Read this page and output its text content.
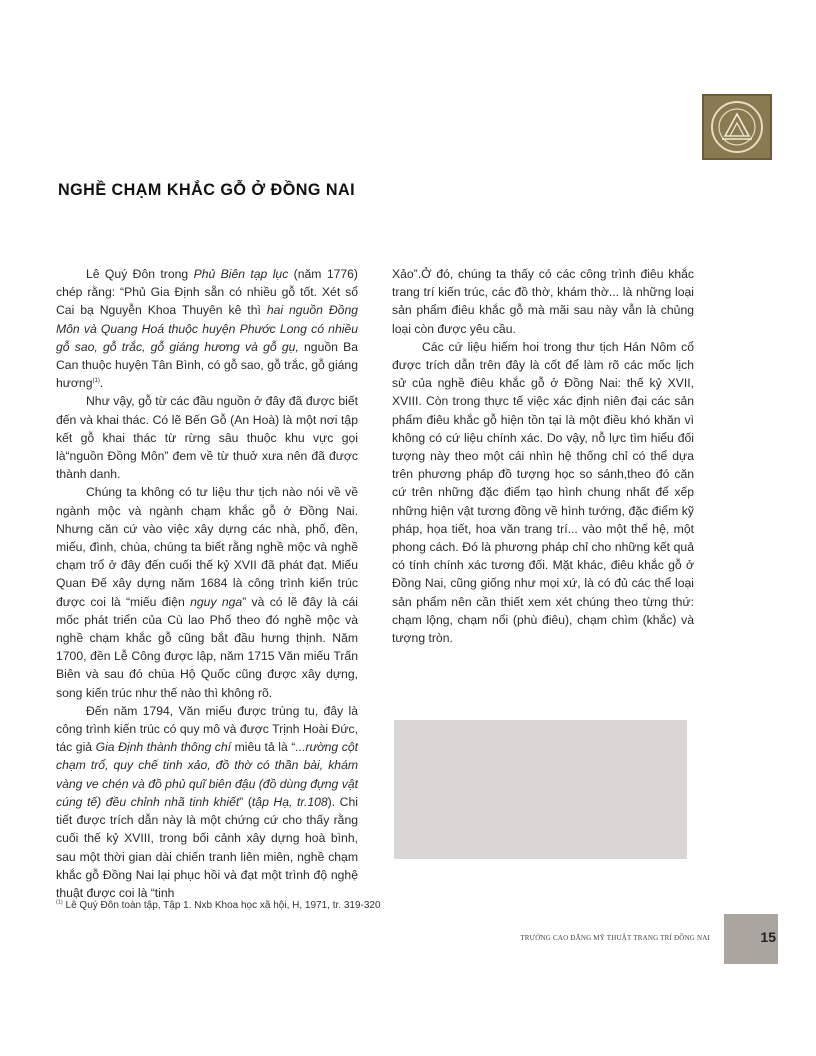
NGHỀ CHẠM KHẮC GỖ Ở ĐỒNG NAI

Lê Quý Đôn trong Phủ Biên tạp lục (năm 1776) chép rằng: “Phủ Gia Định sẵn có nhiều gỗ tốt. Xét sổ Cai bạ Nguyễn Khoa Thuyên kê thì hai nguồn Đồng Môn và Quang Hoá thuộc huyện Phước Long có nhiều gỗ sao, gỗ trắc, gỗ giáng hương và gỗ gụ, nguồn Ba Can thuộc huyện Tân Bình, có gỗ sao, gỗ trắc, gỗ giáng hương$^{(1)}$.

Như vậy, gỗ từ các đầu nguồn ở đây đã được biết đến và khai thác. Có lẽ Bến Gỗ (An Hoà) là một nơi tập kết gỗ khai thác từ rừng sâu thuộc khu vực gọi là“nguồn Đồng Môn” đem về từ thuở xưa nên đã được thành danh.

Chúng ta không có tư liệu thư tịch nào nói về về ngành mộc và ngành chạm khắc gỗ ở Đồng Nai. Nhưng căn cứ vào việc xây dựng các nhà, phố, đền, miếu, đình, chùa, chúng ta biết rằng nghề mộc và nghề chạm trổ ở đây đến cuối thế kỷ XVII đã phát đạt. Miếu Quan Đế xây dựng năm 1684 là công trình kiến trúc được coi là “miếu điện nguy nga” và có lẽ đây là cái mốc phát triển của Cù lao Phố theo đó nghề mộc và nghề chạm khắc gỗ cũng bắt đầu hưng thịnh. Năm 1700, đền Lễ Công được lập, năm 1715 Văn miếu Trấn Biên và sau đó chùa Hộ Quốc cũng được xây dựng, song kiến trúc như thế nào thì không rõ.

Đến năm 1794, Văn miếu được trùng tu, đây là công trình kiến trúc có quy mô và được Trịnh Hoài Đức, tác giả Gia Định thành thông chí miêu tả là “...rường cột chạm trổ, quy chế tinh xảo, đồ thờ có thần bài, khám vàng ve chén và đồ phủ quĩ biên đậu (đồ dùng đựng vật cúng tế) đều chỉnh nhã tinh khiết” (tập Hạ, tr.108). Chi tiết được trích dẫn này là một chứng cứ cho thấy rằng cuối thế kỷ XVIII, trong bối cảnh xây dựng hoà bình, sau một thời gian dài chiến tranh liên miên, nghề chạm khắc gỗ Đồng Nai lại phục hồi và đạt một trình độ nghệ thuật được coi là “tinh

Xảo”.Ở đó, chúng ta thấy có các công trình điêu khắc trang trí kiến trúc, các đồ thờ, khám thờ... là những loại sản phẩm điêu khắc gỗ mà mãi sau này vẫn là chủng loại còn được yêu cầu.

Các cứ liệu hiếm hoi trong thư tịch Hán Nôm cổ được trích dẫn trên đây là cốt để làm rõ các mốc lịch sử của nghề điêu khắc gỗ ở Đồng Nai: thế kỷ XVII, XVIII. Còn trong thực tế việc xác định niên đại các sản phẩm điêu khắc gỗ hiện tồn tại là một điều khó khăn vì không có cứ liệu chính xác. Do vậy, nỗ lực tìm hiểu đối tượng này theo một cái nhìn hệ thống chỉ có thể dựa trên phương pháp đồ tượng học so sánh,theo đó căn cứ trên những đặc điểm tạo hình chung nhất để xếp những hiện vật tương đồng về hình tướng, đặc điểm kỹ pháp, họa tiết, hoa văn trang trí... vào một thế hệ, một phong cách. Đó là phương pháp chỉ cho những kết quả có tính chính xác tương đối. Mặt khác, điêu khắc gỗ ở Đồng Nai, cũng giống như mọi xứ, là có đủ các thể loại sản phẩm nên cần thiết xem xét chúng theo từng thứ: chạm lộng, chạm nổi (phù điêu), chạm chìm (khắc) và tượng tròn.

$^{(1)}$ Lê Quý Đôn toàn tập, Tập 1. Nxb Khoa học xã hội, H, 1971, tr. 319-320

TRƯỜNG CAO ĐẲNG MỸ THUẬT TRANG TRÍ ĐỒNG NAI	15
